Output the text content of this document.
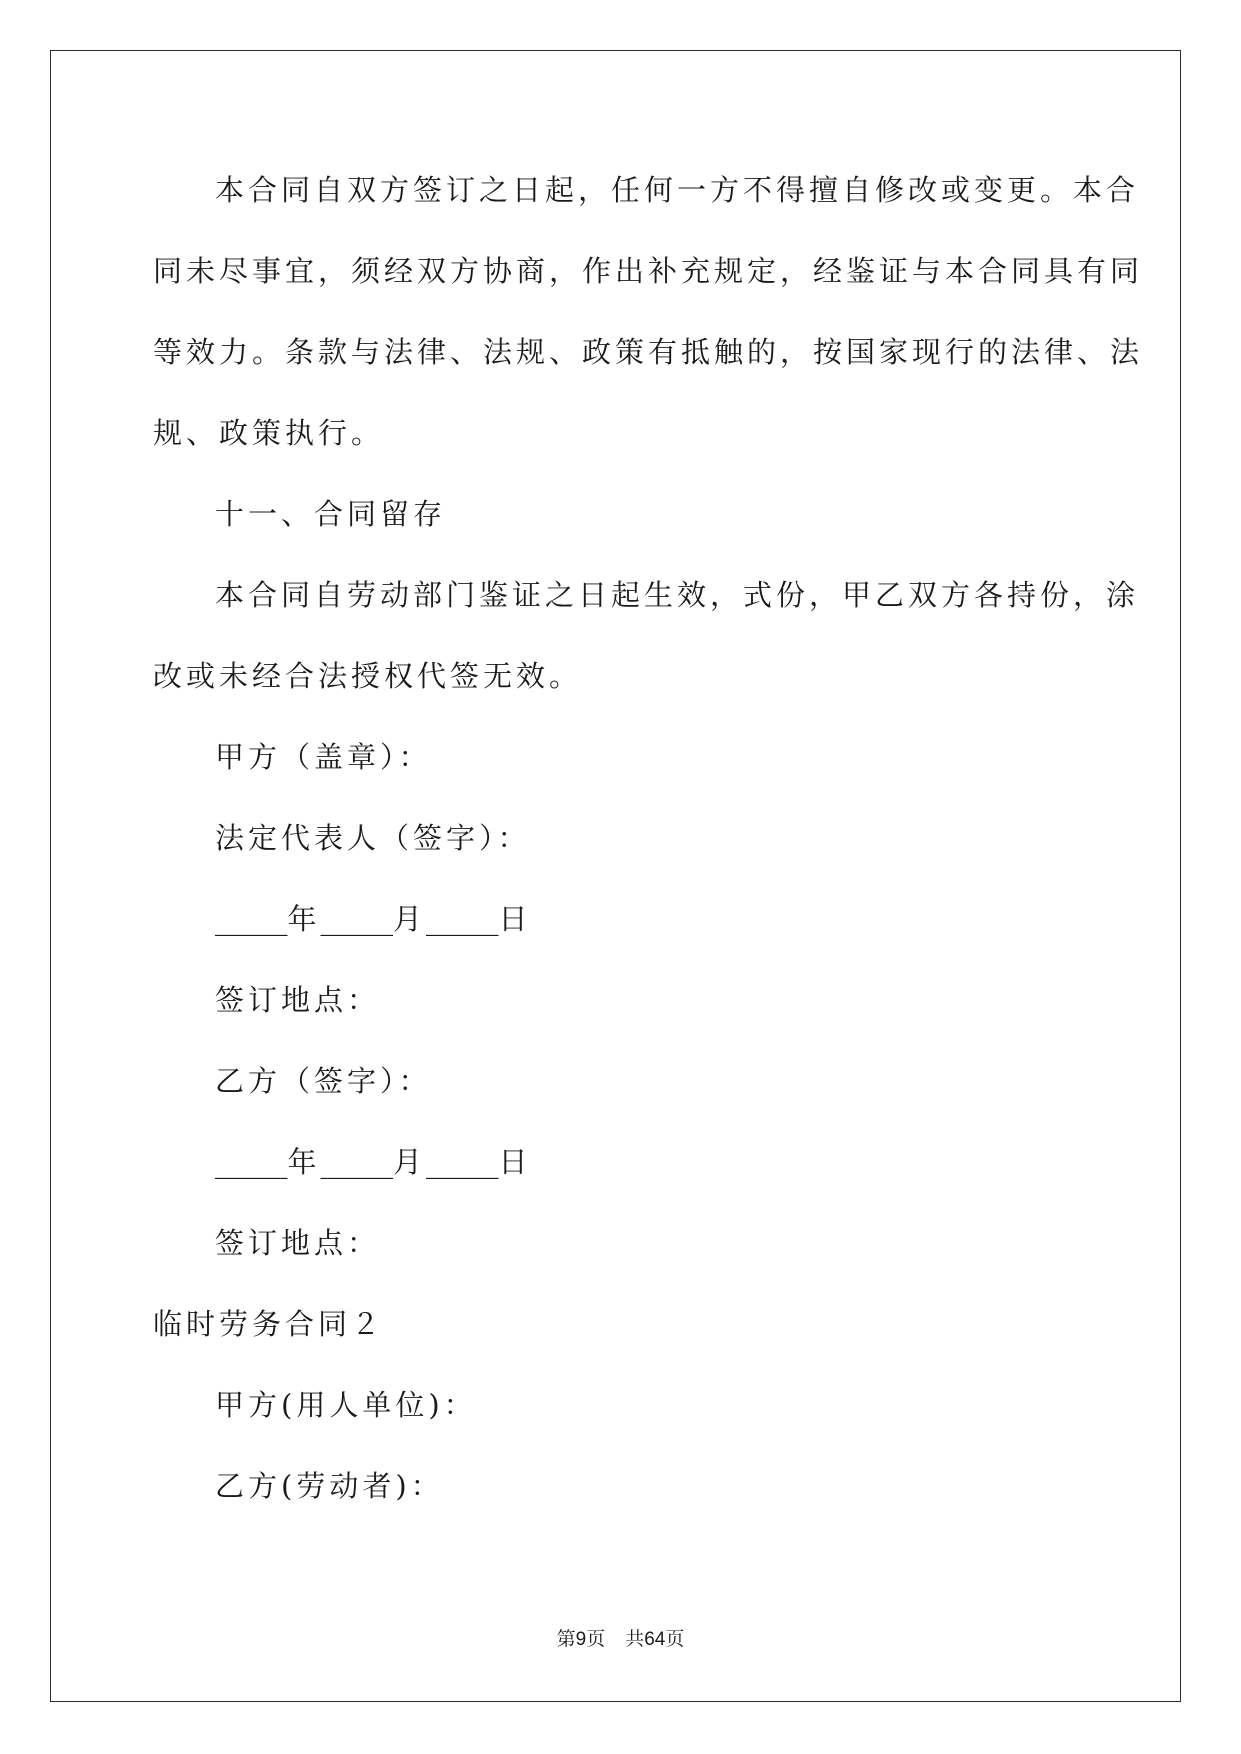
本合同自双方签订之日起，任何一方不得擅自修改或变更。本合
同未尽事宜，须经双方协商，作出补充规定，经鉴证与本合同具有同
等效力。条款与法律、法规、政策有抵触的，按国家现行的法律、法
规、政策执行。
十一、合同留存
本合同自劳动部门鉴证之日起生效，式份，甲乙双方各持份，涂
改或未经合法授权代签无效。
甲方（盖章）：
法定代表人（签字）：
_____年_____月_____日
签订地点：
乙方（签字）：
_____年_____月_____日
签订地点：
临时劳务合同２
甲方(用人单位)：
乙方(劳动者)：
第9页 共64页
